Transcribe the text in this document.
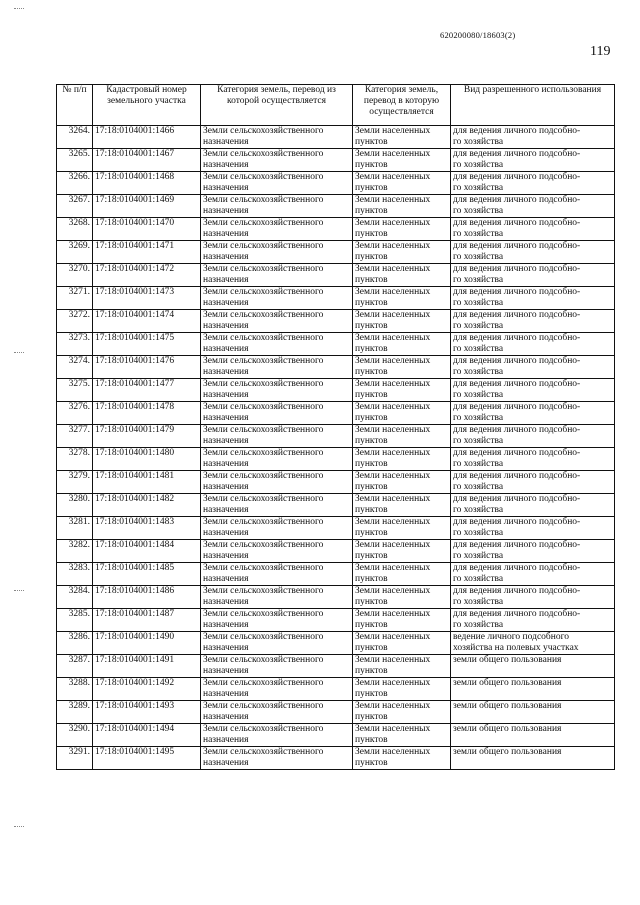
620200080/18603(2)
119
№ п/п	Кадастровый номер земельного участка	Категория земель, перевод из которой осуществляется	Категория земель, перевод в которую осуществляется	Вид разрешенного использования

3264.	17:18:0104001:1466	Земли сельскохозяйственного
назначения	Земли населенных
пунктов	для ведения личного подсобно-
го хозяйства

3265.	17:18:0104001:1467	Земли сельскохозяйственного
назначения	Земли населенных
пунктов	для ведения личного подсобно-
го хозяйства

3266.	17:18:0104001:1468	Земли сельскохозяйственного
назначения	Земли населенных
пунктов	для ведения личного подсобно-
го хозяйства

3267.	17:18:0104001:1469	Земли сельскохозяйственного
назначения	Земли населенных
пунктов	для ведения личного подсобно-
го хозяйства

3268.	17:18:0104001:1470	Земли сельскохозяйственного
назначения	Земли населенных
пунктов	для ведения личного подсобно-
го хозяйства

3269.	17:18:0104001:1471	Земли сельскохозяйственного
назначения	Земли населенных
пунктов	для ведения личного подсобно-
го хозяйства

3270.	17:18:0104001:1472	Земли сельскохозяйственного
назначения	Земли населенных
пунктов	для ведения личного подсобно-
го хозяйства

3271.	17:18:0104001:1473	Земли сельскохозяйственного
назначения	Земли населенных
пунктов	для ведения личного подсобно-
го хозяйства

3272.	17:18:0104001:1474	Земли сельскохозяйственного
назначения	Земли населенных
пунктов	для ведения личного подсобно-
го хозяйства

3273.	17:18:0104001:1475	Земли сельскохозяйственного
назначения	Земли населенных
пунктов	для ведения личного подсобно-
го хозяйства

3274.	17:18:0104001:1476	Земли сельскохозяйственного
назначения	Земли населенных
пунктов	для ведения личного подсобно-
го хозяйства

3275.	17:18:0104001:1477	Земли сельскохозяйственного
назначения	Земли населенных
пунктов	для ведения личного подсобно-
го хозяйства

3276.	17:18:0104001:1478	Земли сельскохозяйственного
назначения	Земли населенных
пунктов	для ведения личного подсобно-
го хозяйства

3277.	17:18:0104001:1479	Земли сельскохозяйственного
назначения	Земли населенных
пунктов	для ведения личного подсобно-
го хозяйства

3278.	17:18:0104001:1480	Земли сельскохозяйственного
назначения	Земли населенных
пунктов	для ведения личного подсобно-
го хозяйства

3279.	17:18:0104001:1481	Земли сельскохозяйственного
назначения	Земли населенных
пунктов	для ведения личного подсобно-
го хозяйства

3280.	17:18:0104001:1482	Земли сельскохозяйственного
назначения	Земли населенных
пунктов	для ведения личного подсобно-
го хозяйства

3281.	17:18:0104001:1483	Земли сельскохозяйственного
назначения	Земли населенных
пунктов	для ведения личного подсобно-
го хозяйства

3282.	17:18:0104001:1484	Земли сельскохозяйственного
назначения	Земли населенных
пунктов	для ведения личного подсобно-
го хозяйства

3283.	17:18:0104001:1485	Земли сельскохозяйственного
назначения	Земли населенных
пунктов	для ведения личного подсобно-
го хозяйства

3284.	17:18:0104001:1486	Земли сельскохозяйственного
назначения	Земли населенных
пунктов	для ведения личного подсобно-
го хозяйства

3285.	17:18:0104001:1487	Земли сельскохозяйственного
назначения	Земли населенных
пунктов	для ведения личного подсобно-
го хозяйства

3286.	17:18:0104001:1490	Земли сельскохозяйственного
назначения	Земли населенных
пунктов	ведение личного подсобного
хозяйства на полевых участках

3287.	17:18:0104001:1491	Земли сельскохозяйственного
назначения	Земли населенных
пунктов	земли общего пользования

3288.	17:18:0104001:1492	Земли сельскохозяйственного
назначения	Земли населенных
пунктов	земли общего пользования

3289.	17:18:0104001:1493	Земли сельскохозяйственного
назначения	Земли населенных
пунктов	земли общего пользования

3290.	17:18:0104001:1494	Земли сельскохозяйственного
назначения	Земли населенных
пунктов	земли общего пользования

3291.	17:18:0104001:1495	Земли сельскохозяйственного
назначения	Земли населенных
пунктов	земли общего пользования
